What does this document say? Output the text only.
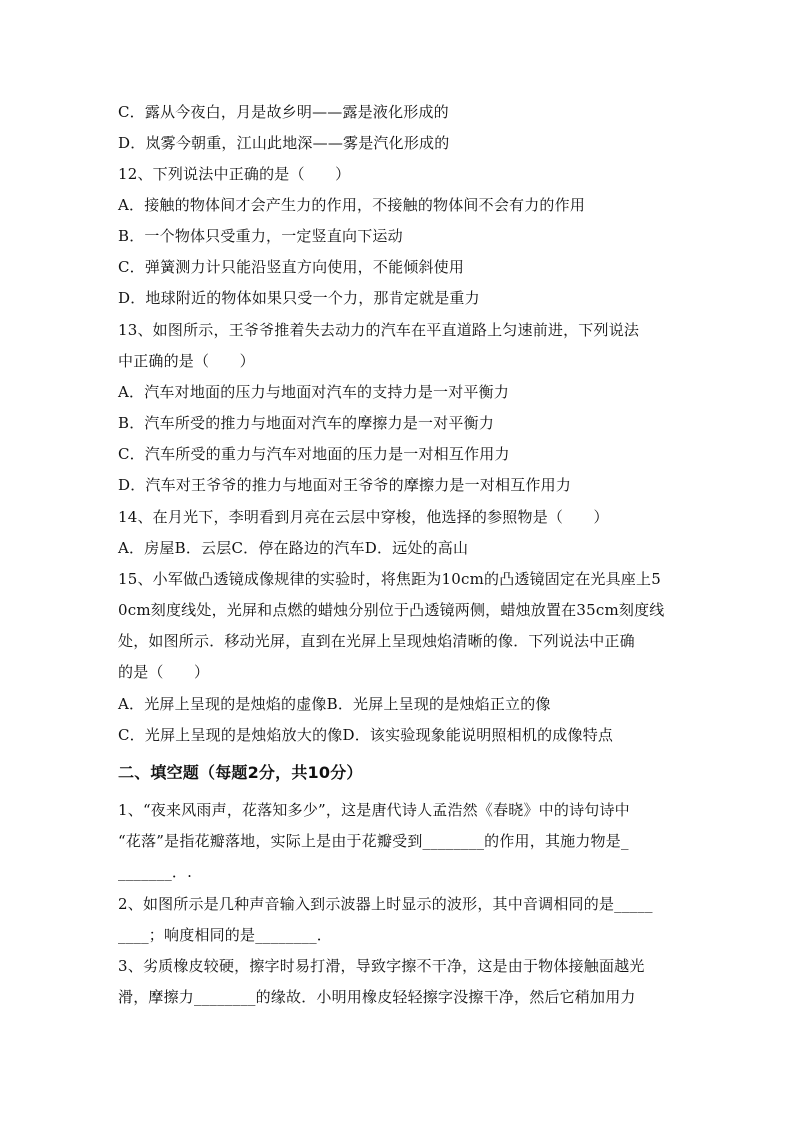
C．露从今夜白，月是故乡明——露是液化形成的
D．岚雾今朝重，江山此地深——雾是汽化形成的
12、下列说法中正确的是（　　）
A．接触的物体间才会产生力的作用，不接触的物体间不会有力的作用
B．一个物体只受重力，一定竖直向下运动
C．弹簧测力计只能沿竖直方向使用，不能倾斜使用
D．地球附近的物体如果只受一个力，那肯定就是重力
13、如图所示，王爷爷推着失去动力的汽车在平直道路上匀速前进，下列说法
中正确的是（　　）
A．汽车对地面的压力与地面对汽车的支持力是一对平衡力
B．汽车所受的推力与地面对汽车的摩擦力是一对平衡力
C．汽车所受的重力与汽车对地面的压力是一对相互作用力
D．汽车对王爷爷的推力与地面对王爷爷的摩擦力是一对相互作用力
14、在月光下，李明看到月亮在云层中穿梭，他选择的参照物是（　　）
A．房屋B．云层C．停在路边的汽车D．远处的高山
15、小军做凸透镜成像规律的实验时，将焦距为10cm的凸透镜固定在光具座上5
0cm刻度线处，光屏和点燃的蜡烛分别位于凸透镜两侧，蜡烛放置在35cm刻度线
处，如图所示．移动光屏，直到在光屏上呈现烛焰清晰的像．下列说法中正确
的是（　　）
A．光屏上呈现的是烛焰的虚像B．光屏上呈现的是烛焰正立的像
C．光屏上呈现的是烛焰放大的像D．该实验现象能说明照相机的成像特点
二、填空题（每题2分，共10分）
1、“夜来风雨声，花落知多少”，这是唐代诗人孟浩然《春晓》中的诗句诗中
“花落”是指花瓣落地，实际上是由于花瓣受到________的作用，其施力物是_
_______．.
2、如图所示是几种声音输入到示波器上时显示的波形，其中音调相同的是_____
____；响度相同的是________．
3、劣质橡皮较硬，擦字时易打滑，导致字擦不干净，这是由于物体接触面越光
滑，摩擦力________的缘故．小明用橡皮轻轻擦字没擦干净，然后它稍加用力
